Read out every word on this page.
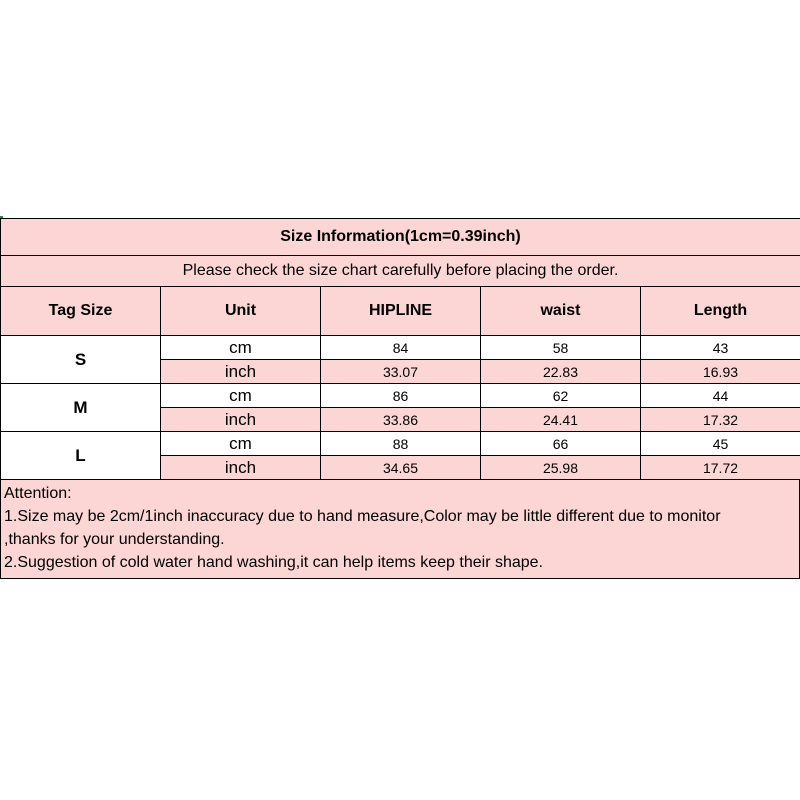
Size Information(1cm=0.39inch)				
Please check the size chart carefully before placing the order.				
Tag Size	Unit	HIPLINE	waist	Length
S	cm	84	58	43
	inch	33.07	22.83	16.93
M	cm	86	62	44
	inch	33.86	24.41	17.32
L	cm	88	66	45
	inch	34.65	25.98	17.72
Attention:
1.Size may be 2cm/1inch inaccuracy due to hand measure,Color may be little different due to monitor
,thanks for your understanding.
2.Suggestion of cold water hand washing,it can help items keep their shape.
